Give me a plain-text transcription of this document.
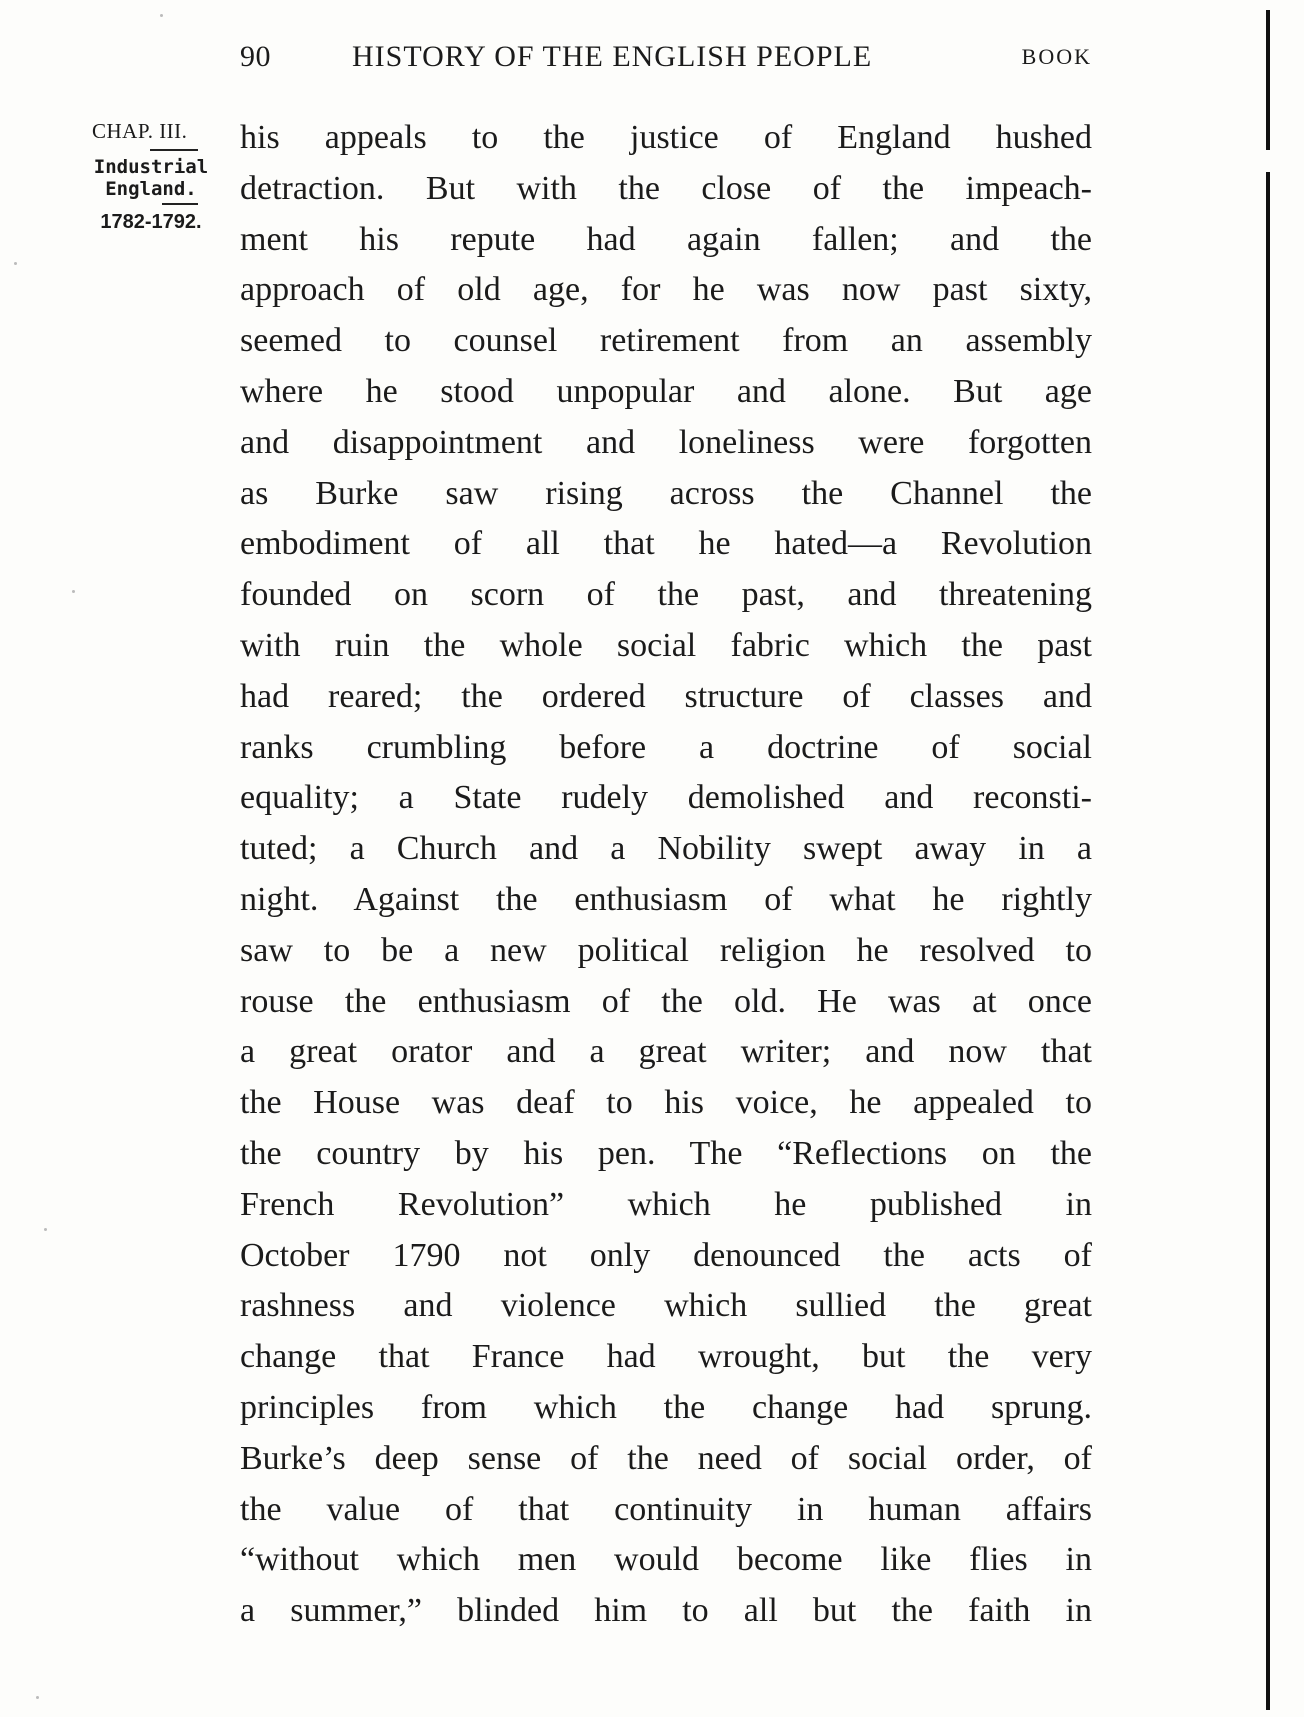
90	HISTORY OF THE ENGLISH PEOPLE	BOOK
CHAP. III.
Industrial
England.
1782-1792.
his appeals to the justice of England hushed
detraction. But with the close of the impeach-
ment his repute had again fallen; and the
approach of old age, for he was now past sixty,
seemed to counsel retirement from an assembly
where he stood unpopular and alone. But age
and disappointment and loneliness were forgotten
as Burke saw rising across the Channel the
embodiment of all that he hated—a Revolution
founded on scorn of the past, and threatening
with ruin the whole social fabric which the past
had reared; the ordered structure of classes and
ranks crumbling before a doctrine of social
equality; a State rudely demolished and reconsti-
tuted; a Church and a Nobility swept away in a
night. Against the enthusiasm of what he rightly
saw to be a new political religion he resolved to
rouse the enthusiasm of the old. He was at once
a great orator and a great writer; and now that
the House was deaf to his voice, he appealed to
the country by his pen. The “Reflections on the
French Revolution” which he published in
October 1790 not only denounced the acts of
rashness and violence which sullied the great
change that France had wrought, but the very
principles from which the change had sprung.
Burke’s deep sense of the need of social order, of
the value of that continuity in human affairs
“without which men would become like flies in
a summer,” blinded him to all but the faith in
